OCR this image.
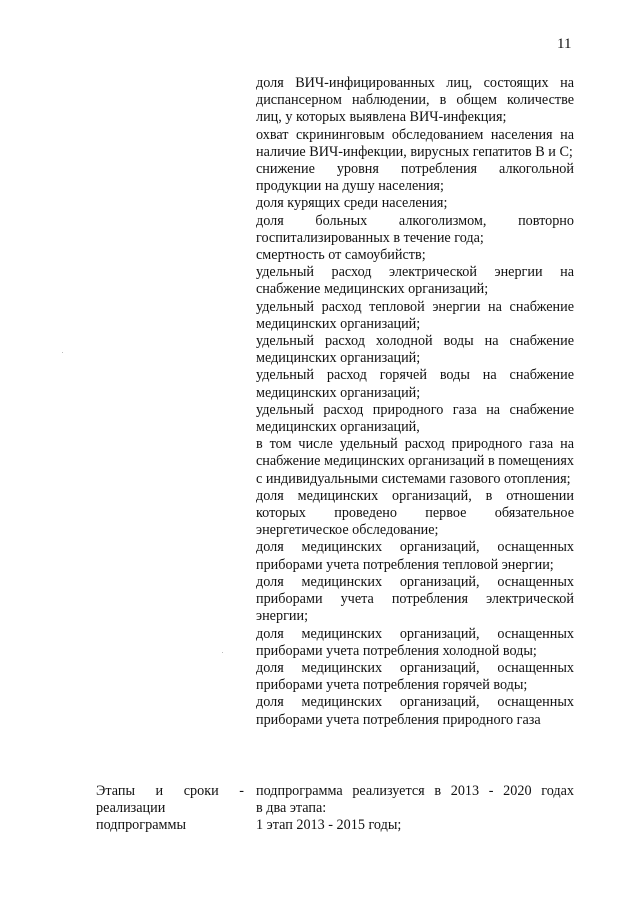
11

доля ВИЧ-инфицированных лиц, состоящих на диспансерном наблюдении, в общем количестве лиц, у которых выявлена ВИЧ-инфекция;

охват скрининговым обследованием населения на наличие ВИЧ-инфекции, вирусных гепатитов В и С;

снижение уровня потребления алкогольной продукции на душу населения;

доля курящих среди населения;

доля больных алкоголизмом, повторно госпитализированных в течение года;

смертность от самоубийств;

удельный расход электрической энергии на снабжение медицинских организаций;

удельный расход тепловой энергии на снабжение медицинских организаций;

удельный расход холодной воды на снабжение медицинских организаций;

удельный расход горячей воды на снабжение медицинских организаций;

удельный расход природного газа на снабжение медицинских организаций,

в том числе удельный расход природного газа на снабжение медицинских организаций в помещениях с индивидуальными системами газового отопления;

доля медицинских организаций, в отношении которых проведено первое обязательное энергетическое обследование;

доля медицинских организаций, оснащенных приборами учета потребления тепловой энергии;

доля медицинских организаций, оснащенных приборами учета потребления электрической энергии;

доля медицинских организаций, оснащенных приборами учета потребления холодной воды;

доля медицинских организаций, оснащенных приборами учета потребления горячей воды;

доля медицинских организаций, оснащенных приборами учета потребления природного газа

Этапы и сроки -
реализации
подпрограммы
подпрограмма реализуется в 2013 - 2020 годах
в два этапа:
1 этап 2013 - 2015 годы;
